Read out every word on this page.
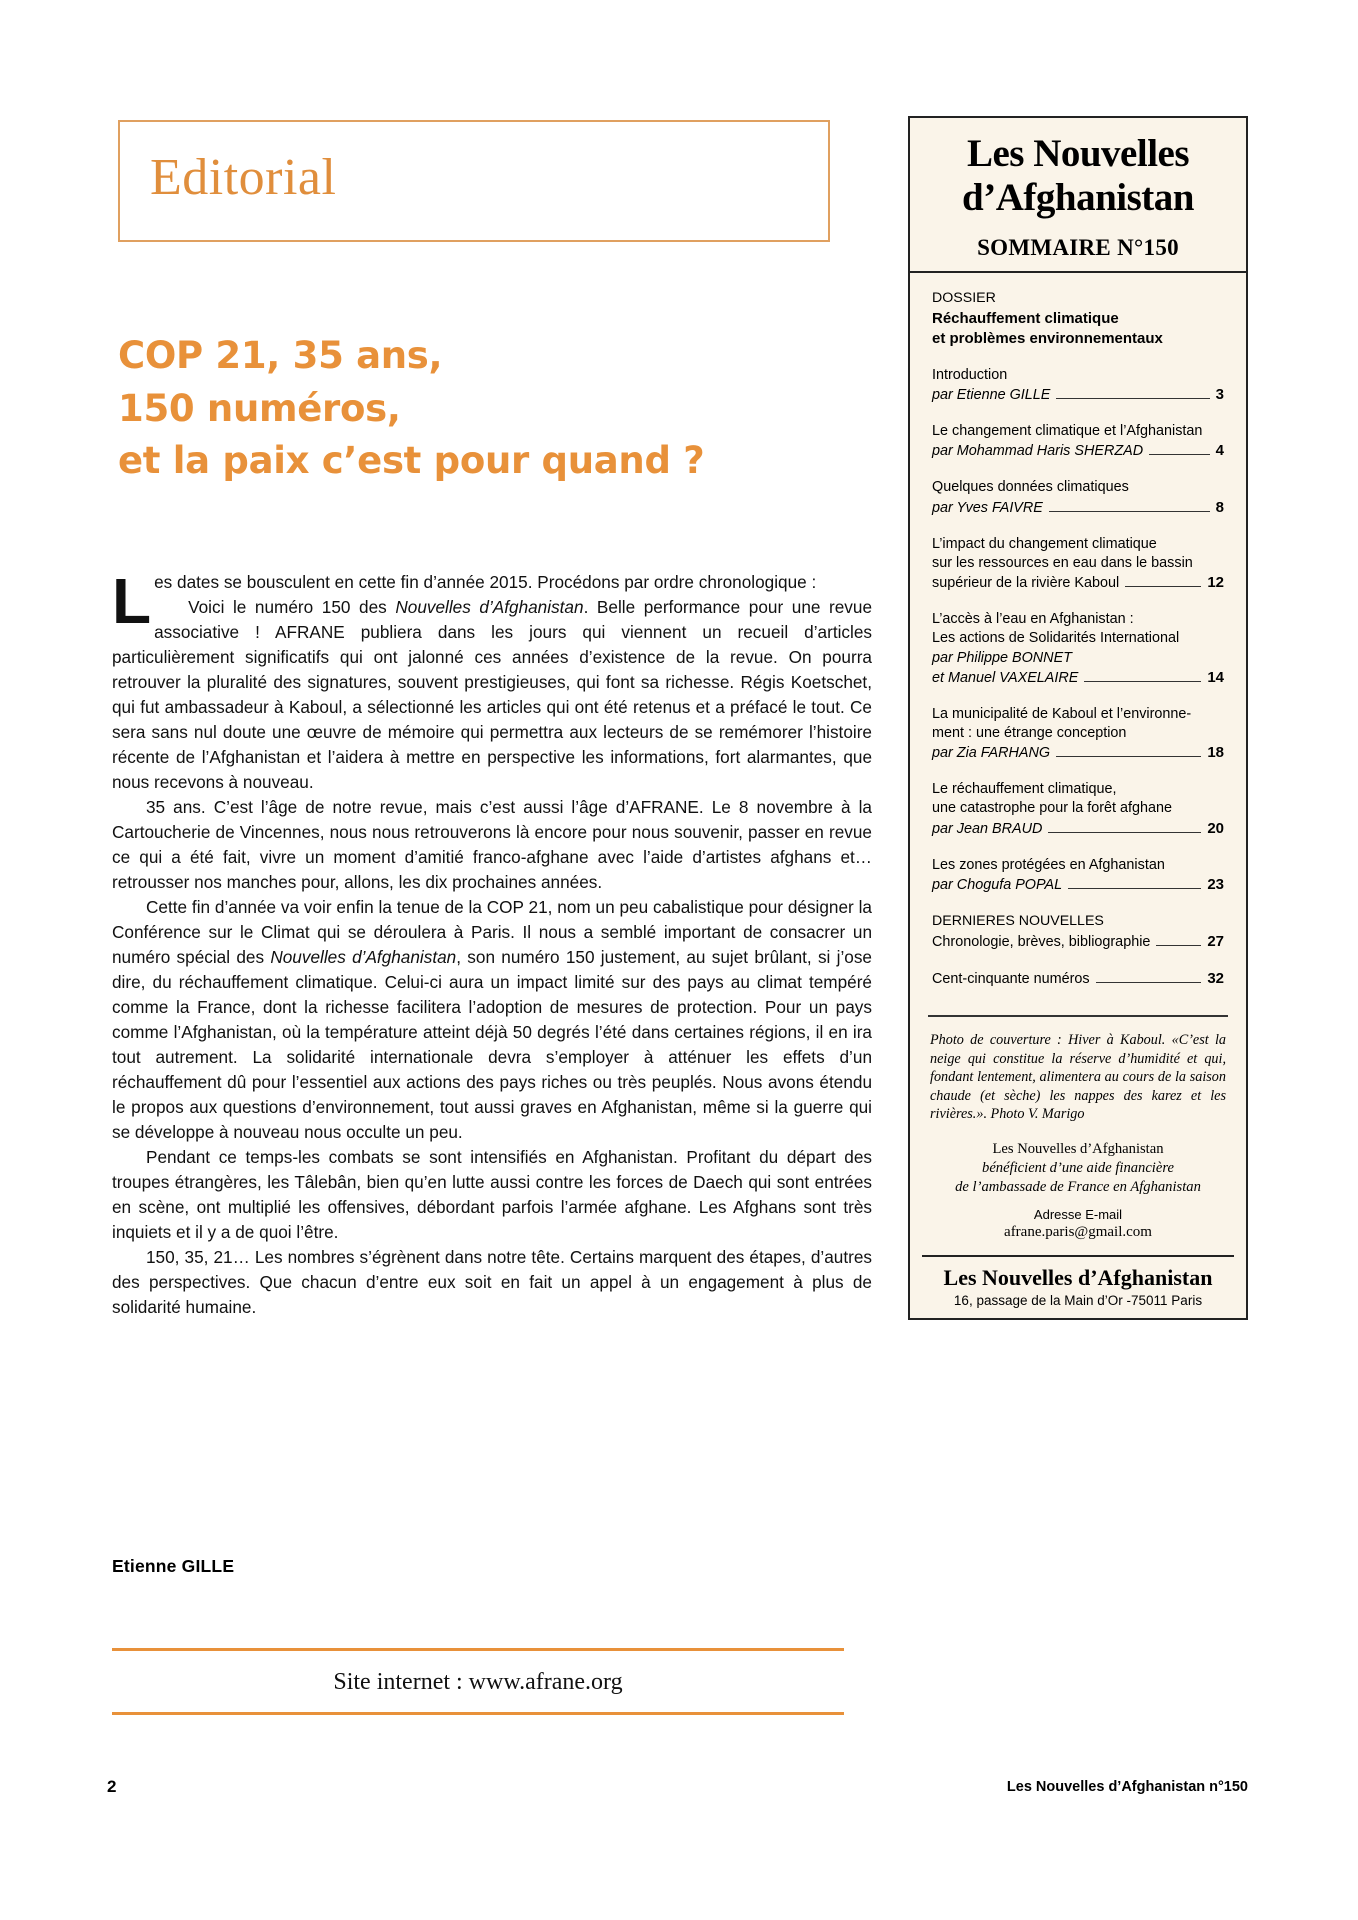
Editorial
COP 21, 35 ans,
150 numéros,
et la paix c’est pour quand ?

Les dates se bousculent en cette fin d’année 2015. Procédons par ordre chronologique :

Voici le numéro 150 des Nouvelles d’Afghanistan. Belle performance pour une revue associative ! AFRANE publiera dans les jours qui viennent un recueil d’articles particulièrement significatifs qui ont jalonné ces années d’existence de la revue. On pourra retrouver la pluralité des signatures, souvent prestigieuses, qui font sa richesse. Régis Koetschet, qui fut ambassadeur à Kaboul, a sélectionné les articles qui ont été retenus et a préfacé le tout. Ce sera sans nul doute une œuvre de mémoire qui permettra aux lecteurs de se remémorer l’histoire récente de l’Afghanistan et l’aidera à mettre en perspective les informations, fort alarmantes, que nous recevons à nouveau.

35 ans. C’est l’âge de notre revue, mais c’est aussi l’âge d’AFRANE. Le 8 novembre à la Cartoucherie de Vincennes, nous nous retrouverons là encore pour nous souvenir, passer en revue ce qui a été fait, vivre un moment d’amitié franco-afghane avec l’aide d’artistes afghans et… retrousser nos manches pour, allons, les dix prochaines années.

Cette fin d’année va voir enfin la tenue de la COP 21, nom un peu cabalistique pour désigner la Conférence sur le Climat qui se déroulera à Paris. Il nous a semblé important de consacrer un numéro spécial des Nouvelles d’Afghanistan, son numéro 150 justement, au sujet brûlant, si j’ose dire, du réchauffement climatique. Celui-ci aura un impact limité sur des pays au climat tempéré comme la France, dont la richesse facilitera l’adoption de mesures de protection. Pour un pays comme l’Afghanistan, où la température atteint déjà 50 degrés l’été dans certaines régions, il en ira tout autrement. La solidarité internationale devra s’employer à atténuer les effets d’un réchauffement dû pour l’essentiel aux actions des pays riches ou très peuplés. Nous avons étendu le propos aux questions d’environnement, tout aussi graves en Afghanistan, même si la guerre qui se développe à nouveau nous occulte un peu.

Pendant ce temps-les combats se sont intensifiés en Afghanistan. Profitant du départ des troupes étrangères, les Tâlebân, bien qu’en lutte aussi contre les forces de Daech qui sont entrées en scène, ont multiplié les offensives, débordant parfois l’armée afghane. Les Afghans sont très inquiets et il y a de quoi l’être.

150, 35, 21… Les nombres s’égrènent dans notre tête. Certains marquent des étapes, d’autres des perspectives. Que chacun d’entre eux soit en fait un appel à un engagement à plus de solidarité humaine.

Etienne GILLE
Site internet : www.afrane.org
2	Les Nouvelles d’Afghanistan n°150
Les Nouvelles
d’Afghanistan
SOMMAIRE N°150
DOSSIER
Réchauffement climatique
et problèmes environnementaux
Introduction
par Etienne GILLE	3
Le changement climatique et l’Afghanistan
par Mohammad Haris SHERZAD	4
Quelques données climatiques
par Yves FAIVRE	8
L’impact du changement climatique
sur les ressources en eau dans le bassin
supérieur de la rivière Kaboul	12
L’accès à l’eau en Afghanistan :
Les actions de Solidarités International
par Philippe BONNET
et Manuel VAXELAIRE	14
La municipalité de Kaboul et l’environne-
ment : une étrange conception
par Zia FARHANG	18
Le réchauffement climatique,
une catastrophe pour la forêt afghane
par Jean BRAUD	20
Les zones protégées en Afghanistan
par Chogufa POPAL	23
DERNIERES NOUVELLES
Chronologie, brèves, bibliographie	27
Cent-cinquante numéros	32
Photo de couverture : Hiver à Kaboul. «C’est la neige qui constitue la réserve d’humidité et qui, fondant lentement, alimentera au cours de la saison chaude (et sèche) les nappes des karez et les rivières.». Photo V. Marigo
Les Nouvelles d’Afghanistan
bénéficient d’une aide financière
de l’ambassade de France en Afghanistan
Adresse E-mail
afrane.paris@gmail.com
Les Nouvelles d’Afghanistan
16, passage de la Main d’Or -75011 Paris
